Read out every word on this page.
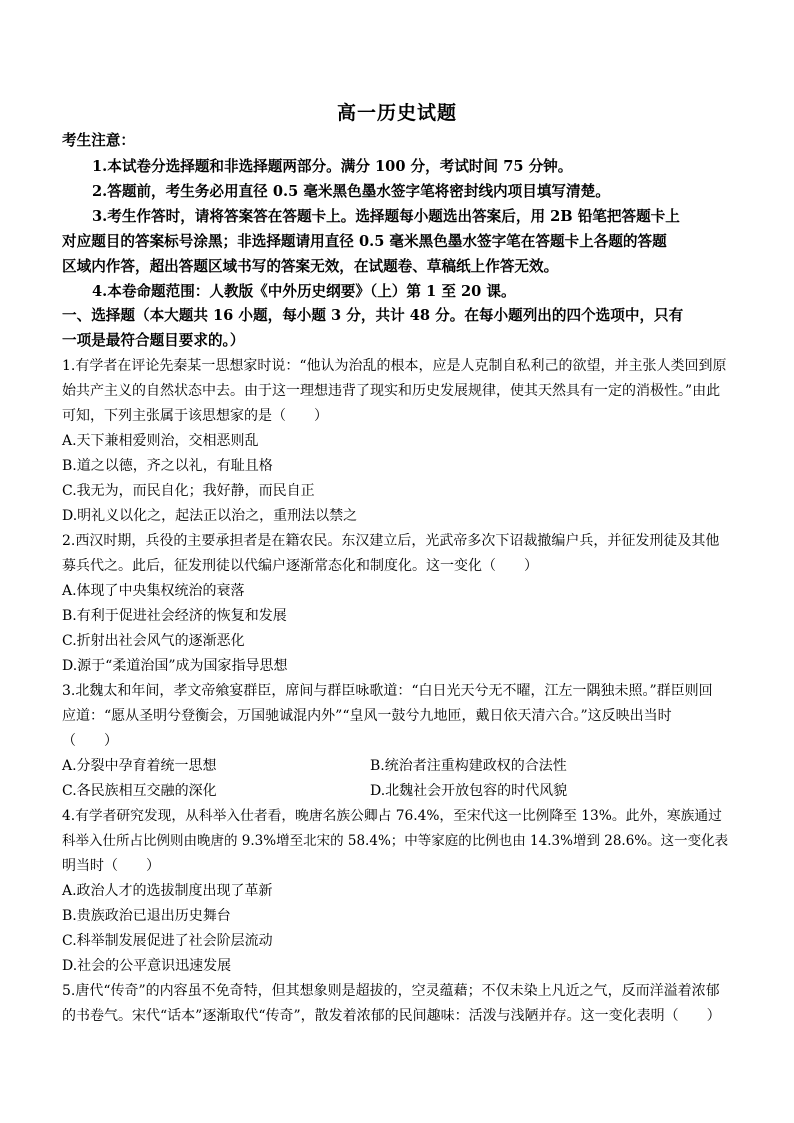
高一历史试题
考生注意：
1.本试卷分选择题和非选择题两部分。满分 100 分，考试时间 75 分钟。
2.答题前，考生务必用直径 0.5 毫米黑色墨水签字笔将密封线内项目填写清楚。
3.考生作答时，请将答案答在答题卡上。选择题每小题选出答案后，用 2B 铅笔把答题卡上
对应题目的答案标号涂黑；非选择题请用直径 0.5 毫米黑色墨水签字笔在答题卡上各题的答题
区域内作答，超出答题区域书写的答案无效，在试题卷、草稿纸上作答无效。
4.本卷命题范围：人教版《中外历史纲要》（上）第 1 至 20 课。
一、选择题（本大题共 16 小题，每小题 3 分，共计 48 分。在每小题列出的四个选项中，只有
一项是最符合题目要求的。）
1.有学者在评论先秦某一思想家时说：“他认为治乱的根本，应是人克制自私利己的欲望，并主张人类回到原
始共产主义的自然状态中去。由于这一理想违背了现实和历史发展规律，使其天然具有一定的消极性。”由此
可知，下列主张属于该思想家的是（　　）
A.天下兼相爱则治，交相恶则乱
B.道之以德，齐之以礼，有耻且格
C.我无为，而民自化；我好静，而民自正
D.明礼义以化之，起法正以治之，重刑法以禁之
2.西汉时期，兵役的主要承担者是在籍农民。东汉建立后，光武帝多次下诏裁撤编户兵，并征发刑徒及其他
募兵代之。此后，征发刑徒以代编户逐渐常态化和制度化。这一变化（　　）
A.体现了中央集权统治的衰落
B.有利于促进社会经济的恢复和发展
C.折射出社会风气的逐渐恶化
D.源于“柔道治国”成为国家指导思想
3.北魏太和年间，孝文帝飨宴群臣，席间与群臣咏歌道：“白日光天兮无不曜，江左一隅独未照。”群臣则回
应道：“愿从圣明兮登衡会，万国驰诚混内外”“皇风一鼓兮九地匝，戴日依天清六合。”这反映出当时
（　　）
A.分裂中孕育着统一思想	B.统治者注重构建政权的合法性
C.各民族相互交融的深化	D.北魏社会开放包容的时代风貌
4.有学者研究发现，从科举入仕者看，晚唐名族公卿占 76.4%，至宋代这一比例降至 13%。此外，寒族通过
科举入仕所占比例则由晚唐的 9.3%增至北宋的 58.4%；中等家庭的比例也由 14.3%增到 28.6%。这一变化表
明当时（　　）
A.政治人才的选拔制度出现了革新
B.贵族政治已退出历史舞台
C.科举制发展促进了社会阶层流动
D.社会的公平意识迅速发展
5.唐代“传奇”的内容虽不免奇特，但其想象则是超拔的，空灵蕴藉；不仅未染上凡近之气，反而洋溢着浓郁
的书卷气。宋代“话本”逐渐取代“传奇”，散发着浓郁的民间趣味：活泼与浅陋并存。这一变化表明（　　）
